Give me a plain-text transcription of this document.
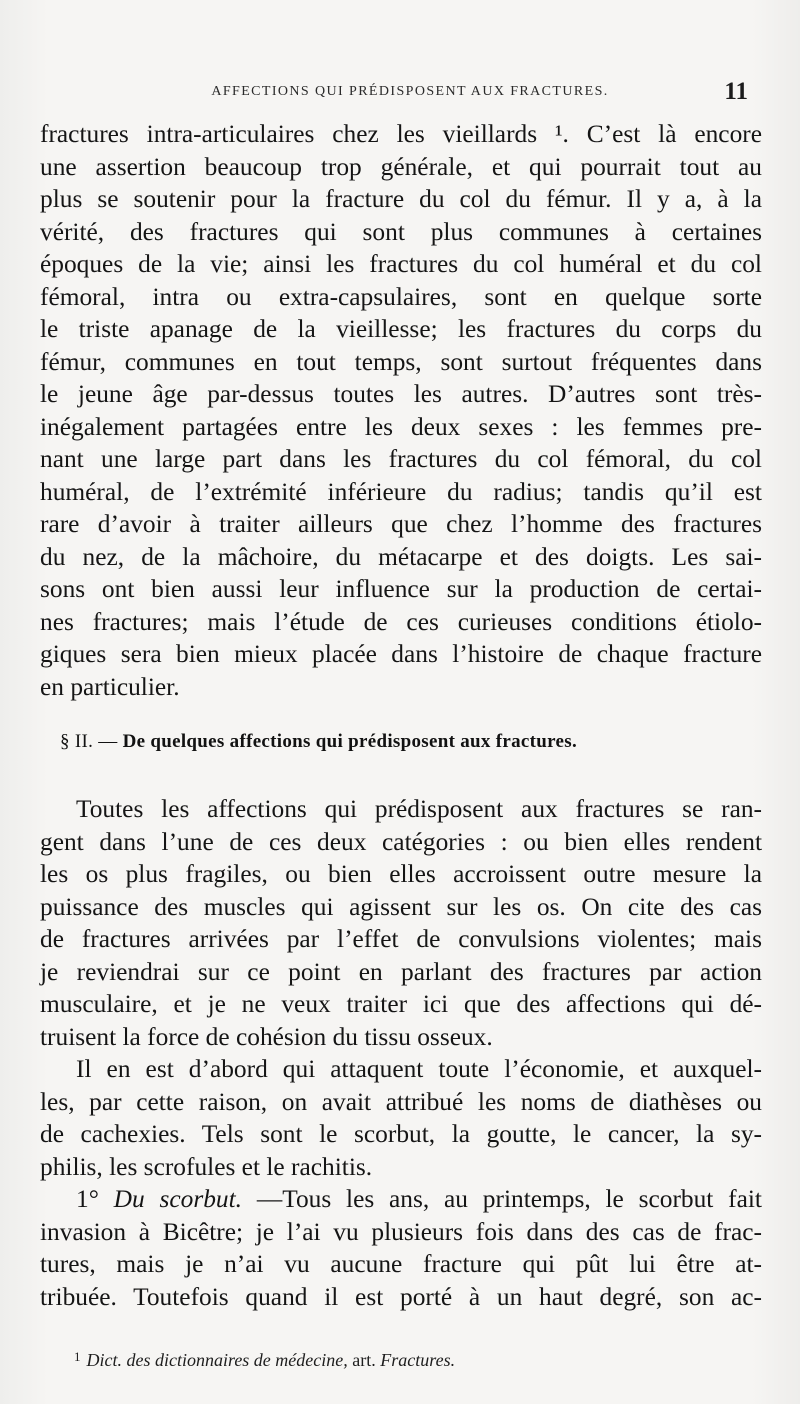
AFFECTIONS QUI PRÉDISPOSENT AUX FRACTURES.	11
fractures intra-articulaires chez les vieillards ¹. C’est là encore
une assertion beaucoup trop générale, et qui pourrait tout au
plus se soutenir pour la fracture du col du fémur. Il y a, à la
vérité, des fractures qui sont plus communes à certaines
époques de la vie; ainsi les fractures du col huméral et du col
fémoral, intra ou extra-capsulaires, sont en quelque sorte
le triste apanage de la vieillesse; les fractures du corps du
fémur, communes en tout temps, sont surtout fréquentes dans
le jeune âge par-dessus toutes les autres. D’autres sont très-
inégalement partagées entre les deux sexes : les femmes pre-
nant une large part dans les fractures du col fémoral, du col
huméral, de l’extrémité inférieure du radius; tandis qu’il est
rare d’avoir à traiter ailleurs que chez l’homme des fractures
du nez, de la mâchoire, du métacarpe et des doigts. Les sai-
sons ont bien aussi leur influence sur la production de certai-
nes fractures; mais l’étude de ces curieuses conditions étiolo-
giques sera bien mieux placée dans l’histoire de chaque fracture
en particulier.
§ II. — De quelques affections qui prédisposent aux fractures.
Toutes les affections qui prédisposent aux fractures se ran-
gent dans l’une de ces deux catégories : ou bien elles rendent
les os plus fragiles, ou bien elles accroissent outre mesure la
puissance des muscles qui agissent sur les os. On cite des cas
de fractures arrivées par l’effet de convulsions violentes; mais
je reviendrai sur ce point en parlant des fractures par action
musculaire, et je ne veux traiter ici que des affections qui dé-
truisent la force de cohésion du tissu osseux.
Il en est d’abord qui attaquent toute l’économie, et auxquel-
les, par cette raison, on avait attribué les noms de diathèses ou
de cachexies. Tels sont le scorbut, la goutte, le cancer, la sy-
philis, les scrofules et le rachitis.
1° Du scorbut. —Tous les ans, au printemps, le scorbut fait
invasion à Bicêtre; je l’ai vu plusieurs fois dans des cas de frac-
tures, mais je n’ai vu aucune fracture qui pût lui être at-
tribuée. Toutefois quand il est porté à un haut degré, son ac-
$^1$ Dict. des dictionnaires de médecine, art. Fractures.
